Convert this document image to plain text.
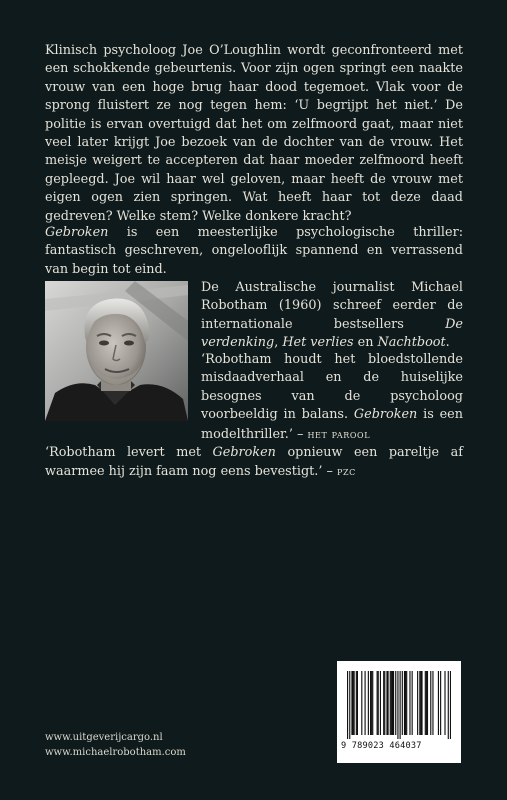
Klinisch psycholoog Joe O’Loughlin wordt geconfronteerd met een schokkende gebeurtenis. Voor zijn ogen springt een naakte vrouw van een hoge brug haar dood tegemoet. Vlak voor de sprong fluistert ze nog tegen hem: ‘U begrijpt het niet.’ De politie is ervan overtuigd dat het om zelfmoord gaat, maar niet veel later krijgt Joe bezoek van de dochter van de vrouw. Het meisje weigert te accepteren dat haar moeder zelfmoord heeft gepleegd. Joe wil haar wel geloven, maar heeft de vrouw met eigen ogen zien springen. Wat heeft haar tot deze daad gedreven? Welke stem? Welke donkere kracht?

Gebroken is een meesterlijke psychologische thriller: fantastisch geschreven, ongelooflijk spannend en verrassend van begin tot eind.

De Australische journalist Michael Robotham (1960) schreef eerder de internationale bestsellers De verdenking, Het verlies en Nachtboot.

‘Robotham houdt het bloedstollende misdaadverhaal en de huiselijke besognes van de psycholoog voorbeeldig in balans. Gebroken is een modelthriller.’ – het parool

‘Robotham levert met Gebroken opnieuw een pareltje af waarmee hij zijn faam nog eens bevestigt.’ – pzc

www.uitgeverijcargo.nl
www.michaelrobotham.com
9 789023 464037
